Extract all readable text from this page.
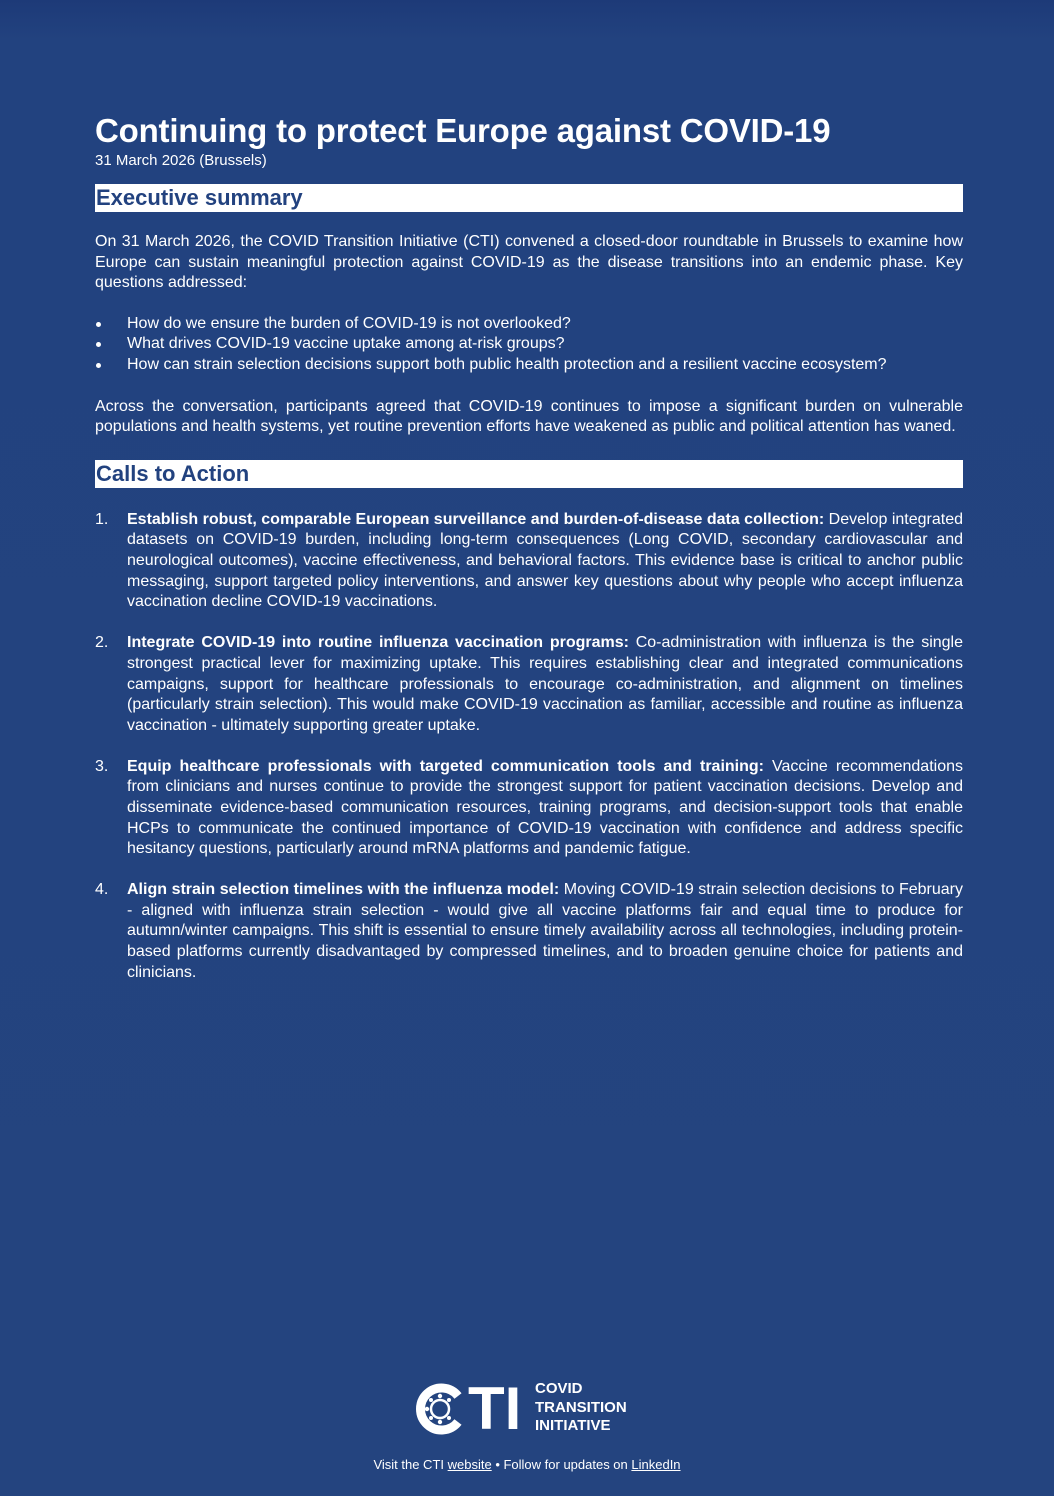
Continuing to protect Europe against COVID-19
31 March 2026 (Brussels)
Executive summary

On 31 March 2026, the COVID Transition Initiative (CTI) convened a closed-door roundtable in Brussels to examine how Europe can sustain meaningful protection against COVID-19 as the disease transitions into an endemic phase. Key questions addressed:

How do we ensure the burden of COVID-19 is not overlooked?
What drives COVID-19 vaccine uptake among at-risk groups?
How can strain selection decisions support both public health protection and a resilient vaccine ecosystem?

Across the conversation, participants agreed that COVID-19 continues to impose a significant burden on vulnerable populations and health systems, yet routine prevention efforts have weakened as public and political attention has waned.

Calls to Action
1. Establish robust, comparable European surveillance and burden-of-disease data collection: Develop integrated datasets on COVID-19 burden, including long-term consequences (Long COVID, secondary cardiovascular and neurological outcomes), vaccine effectiveness, and behavioral factors. This evidence base is critical to anchor public messaging, support targeted policy interventions, and answer key questions about why people who accept influenza vaccination decline COVID-19 vaccinations.
2. Integrate COVID-19 into routine influenza vaccination programs: Co-administration with influenza is the single strongest practical lever for maximizing uptake. This requires establishing clear and integrated communications campaigns, support for healthcare professionals to encourage co-administration, and alignment on timelines (particularly strain selection). This would make COVID-19 vaccination as familiar, accessible and routine as influenza vaccination - ultimately supporting greater uptake.
3. Equip healthcare professionals with targeted communication tools and training: Vaccine recommendations from clinicians and nurses continue to provide the strongest support for patient vaccination decisions. Develop and disseminate evidence-based communication resources, training programs, and decision-support tools that enable HCPs to communicate the continued importance of COVID-19 vaccination with confidence and address specific hesitancy questions, particularly around mRNA platforms and pandemic fatigue.
4. Align strain selection timelines with the influenza model: Moving COVID-19 strain selection decisions to February - aligned with influenza strain selection - would give all vaccine platforms fair and equal time to produce for autumn/winter campaigns. This shift is essential to ensure timely availability across all technologies, including protein-based platforms currently disadvantaged by compressed timelines, and to broaden genuine choice for patients and clinicians.
T I COVID
TRANSITION
INITIATIVE
Visit the CTI website • Follow for updates on LinkedIn
